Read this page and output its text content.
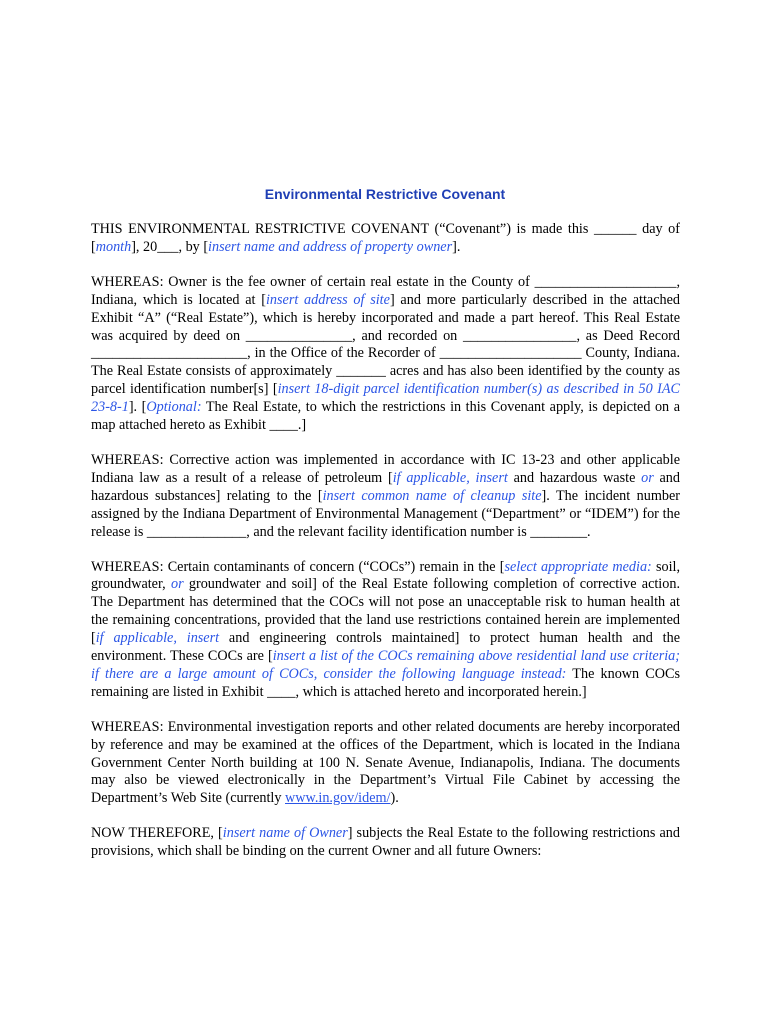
Environmental Restrictive Covenant

THIS ENVIRONMENTAL RESTRICTIVE COVENANT (“Covenant”) is made this ______ day of [month], 20___, by [insert name and address of property owner].

WHEREAS: Owner is the fee owner of certain real estate in the County of ____________________, Indiana, which is located at [insert address of site] and more particularly described in the attached Exhibit “A” (“Real Estate”), which is hereby incorporated and made a part hereof. This Real Estate was acquired by deed on _______________, and recorded on ________________, as Deed Record ______________________, in the Office of the Recorder of ____________________ County, Indiana. The Real Estate consists of approximately _______ acres and has also been identified by the county as parcel identification number[s] [insert 18-digit parcel identification number(s) as described in 50 IAC 23-8-1]. [Optional: The Real Estate, to which the restrictions in this Covenant apply, is depicted on a map attached hereto as Exhibit ____.]

WHEREAS: Corrective action was implemented in accordance with IC 13-23 and other applicable Indiana law as a result of a release of petroleum [if applicable, insert and hazardous waste or and hazardous substances] relating to the [insert common name of cleanup site]. The incident number assigned by the Indiana Department of Environmental Management (“Department” or “IDEM”) for the release is ______________, and the relevant facility identification number is ________.

WHEREAS: Certain contaminants of concern (“COCs”) remain in the [select appropriate media: soil, groundwater, or groundwater and soil] of the Real Estate following completion of corrective action. The Department has determined that the COCs will not pose an unacceptable risk to human health at the remaining concentrations, provided that the land use restrictions contained herein are implemented [if applicable, insert and engineering controls maintained] to protect human health and the environment. These COCs are [insert a list of the COCs remaining above residential land use criteria; if there are a large amount of COCs, consider the following language instead: The known COCs remaining are listed in Exhibit ____, which is attached hereto and incorporated herein.]

WHEREAS: Environmental investigation reports and other related documents are hereby incorporated by reference and may be examined at the offices of the Department, which is located in the Indiana Government Center North building at 100 N. Senate Avenue, Indianapolis, Indiana. The documents may also be viewed electronically in the Department’s Virtual File Cabinet by accessing the Department’s Web Site (currently www.in.gov/idem/).

NOW THEREFORE, [insert name of Owner] subjects the Real Estate to the following restrictions and provisions, which shall be binding on the current Owner and all future Owners:
